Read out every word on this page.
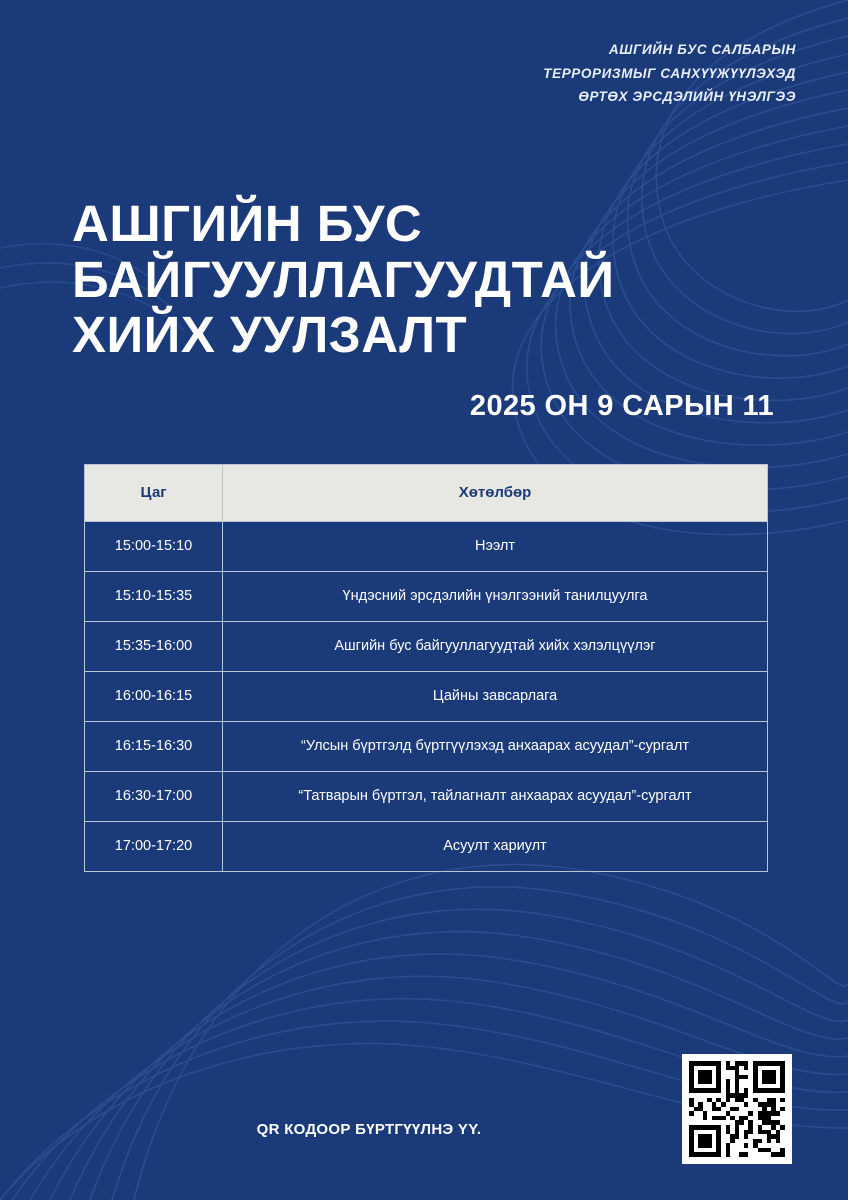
АШГИЙН БУС САЛБАРЫН
ТЕРРОРИЗМЫГ САНХҮҮЖҮҮЛЭХЭД
ӨРТӨХ ЭРСДЭЛИЙН ҮНЭЛГЭЭ
АШГИЙН БУС
БАЙГУУЛЛАГУУДТАЙ
ХИЙХ УУЛЗАЛТ
2025 ОН 9 САРЫН 11
Цаг	Хөтөлбөр
15:00-15:10	Нээлт
15:10-15:35	Үндэсний эрсдэлийн үнэлгээний танилцуулга
15:35-16:00	Ашгийн бус байгууллагуудтай хийх хэлэлцүүлэг
16:00-16:15	Цайны завсарлага
16:15-16:30	“Улсын бүртгэлд бүртгүүлэхэд анхаарах асуудал”-сургалт
16:30-17:00	“Татварын бүртгэл, тайлагналт анхаарах асуудал”-сургалт
17:00-17:20	Асуулт хариулт
QR КОДООР БҮРТГҮҮЛНЭ YY.
